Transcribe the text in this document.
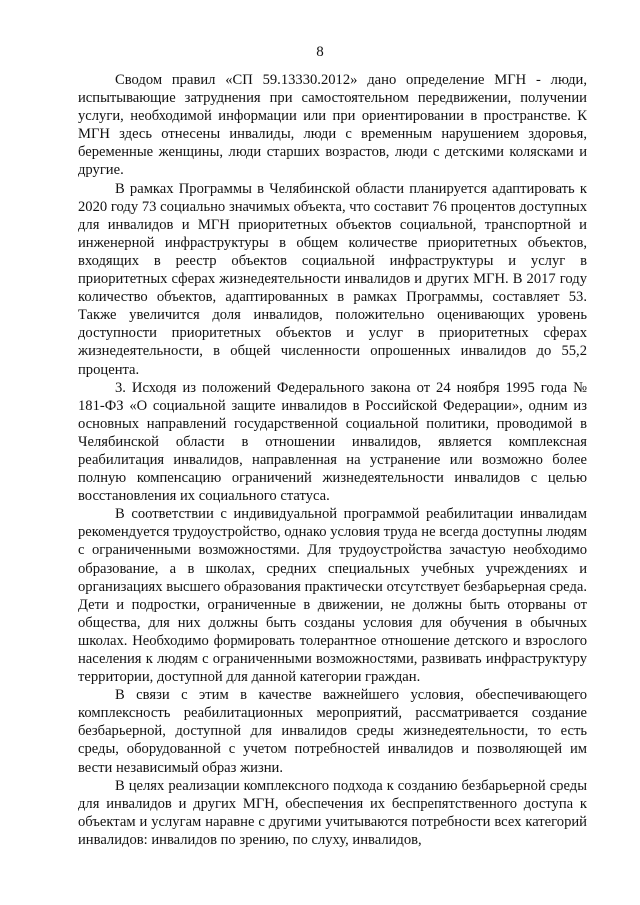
8

Сводом правил «СП 59.13330.2012» дано определение МГН - люди, испытывающие затруднения при самостоятельном передвижении, получении услуги, необходимой информации или при ориентировании в пространстве. К МГН здесь отнесены инвалиды, люди с временным нарушением здоровья, беременные женщины, люди старших возрастов, люди с детскими колясками и другие.

В рамках Программы в Челябинской области планируется адаптировать к 2020 году 73 социально значимых объекта, что составит 76 процентов доступных для инвалидов и МГН приоритетных объектов социальной, транспортной и инженерной инфраструктуры в общем количестве приоритетных объектов, входящих в реестр объектов социальной инфраструктуры и услуг в приоритетных сферах жизнедеятельности инвалидов и других МГН. В 2017 году количество объектов, адаптированных в рамках Программы, составляет 53. Также увеличится доля инвалидов, положительно оценивающих уровень доступности приоритетных объектов и услуг в приоритетных сферах жизнедеятельности, в общей численности опрошенных инвалидов до 55,2 процента.

3. Исходя из положений Федерального закона от 24 ноября 1995 года № 181-ФЗ «О социальной защите инвалидов в Российской Федерации», одним из основных направлений государственной социальной политики, проводимой в Челябинской области в отношении инвалидов, является комплексная реабилитация инвалидов, направленная на устранение или возможно более полную компенсацию ограничений жизнедеятельности инвалидов с целью восстановления их социального статуса.

В соответствии с индивидуальной программой реабилитации инвалидам рекомендуется трудоустройство, однако условия труда не всегда доступны людям с ограниченными возможностями. Для трудоустройства зачастую необходимо образование, а в школах, средних специальных учебных учреждениях и организациях высшего образования практически отсутствует безбарьерная среда. Дети и подростки, ограниченные в движении, не должны быть оторваны от общества, для них должны быть созданы условия для обучения в обычных школах. Необходимо формировать толерантное отношение детского и взрослого населения к людям с ограниченными возможностями, развивать инфраструктуру территории, доступной для данной категории граждан.

В связи с этим в качестве важнейшего условия, обеспечивающего комплексность реабилитационных мероприятий, рассматривается создание безбарьерной, доступной для инвалидов среды жизнедеятельности, то есть среды, оборудованной с учетом потребностей инвалидов и позволяющей им вести независимый образ жизни.

В целях реализации комплексного подхода к созданию безбарьерной среды для инвалидов и других МГН, обеспечения их беспрепятственного доступа к объектам и услугам наравне с другими учитываются потребности всех категорий инвалидов: инвалидов по зрению, по слуху, инвалидов,
